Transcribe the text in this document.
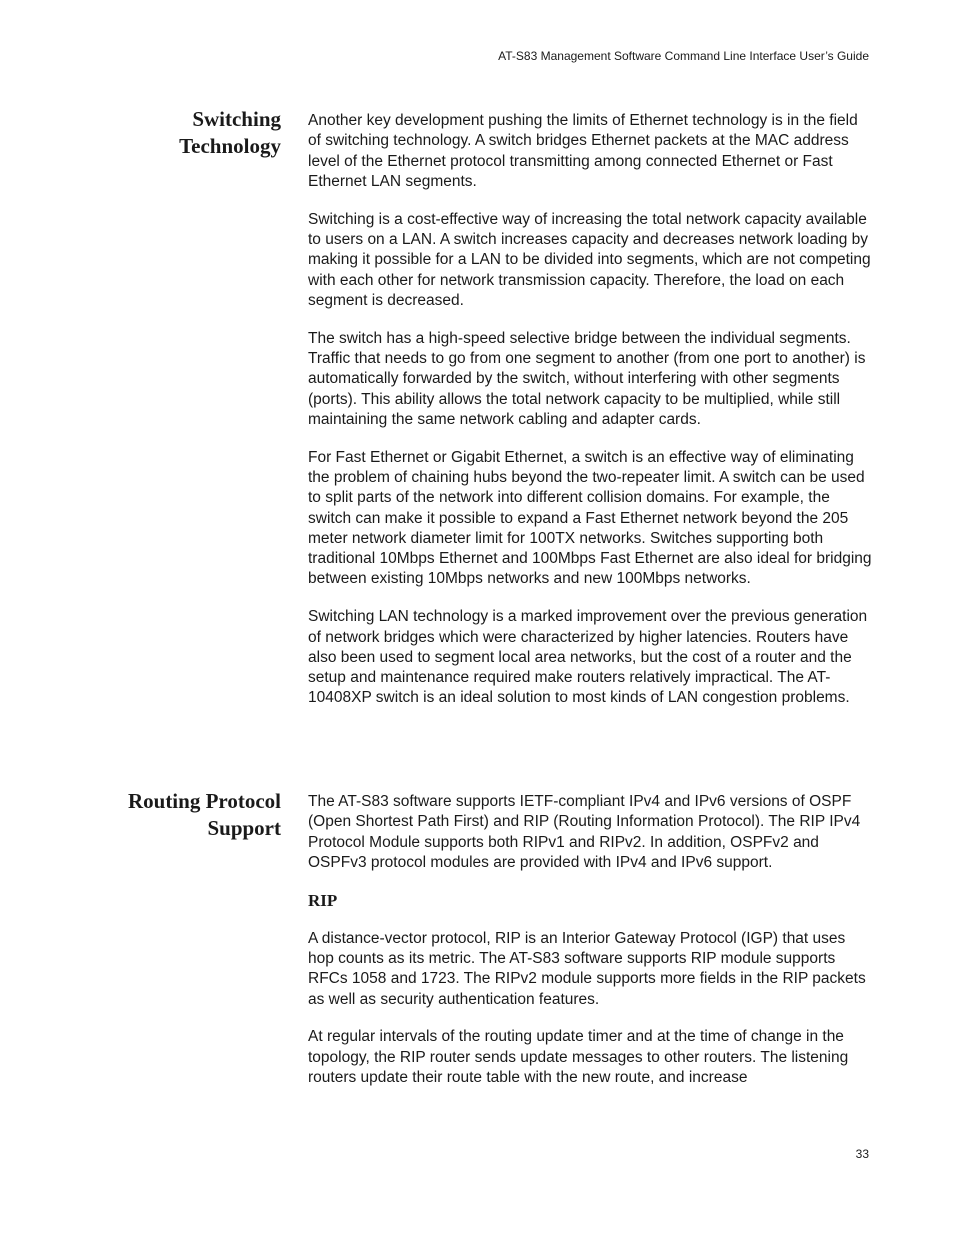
AT-S83 Management Software Command Line Interface User’s Guide
Switching
Technology

Another key development pushing the limits of Ethernet technology is in the field of switching technology. A switch bridges Ethernet packets at the MAC address level of the Ethernet protocol transmitting among connected Ethernet or Fast Ethernet LAN segments.

Switching is a cost-effective way of increasing the total network capacity available to users on a LAN. A switch increases capacity and decreases network loading by making it possible for a LAN to be divided into segments, which are not competing with each other for network transmission capacity. Therefore, the load on each segment is decreased.

The switch has a high-speed selective bridge between the individual segments. Traffic that needs to go from one segment to another (from one port to another) is automatically forwarded by the switch, without interfering with other segments (ports). This ability allows the total network capacity to be multiplied, while still maintaining the same network cabling and adapter cards.

For Fast Ethernet or Gigabit Ethernet, a switch is an effective way of eliminating the problem of chaining hubs beyond the two-repeater limit. A switch can be used to split parts of the network into different collision domains. For example, the switch can make it possible to expand a Fast Ethernet network beyond the 205 meter network diameter limit for 100TX networks. Switches supporting both traditional 10Mbps Ethernet and 100Mbps Fast Ethernet are also ideal for bridging between existing 10Mbps networks and new 100Mbps networks.

Switching LAN technology is a marked improvement over the previous generation of network bridges which were characterized by higher latencies. Routers have also been used to segment local area networks, but the cost of a router and the setup and maintenance required make routers relatively impractical. The AT-10408XP switch is an ideal solution to most kinds of LAN congestion problems.

Routing Protocol
Support

The AT-S83 software supports IETF-compliant IPv4 and IPv6 versions of OSPF (Open Shortest Path First) and RIP (Routing Information Protocol). The RIP IPv4 Protocol Module supports both RIPv1 and RIPv2. In addition, OSPFv2 and OSPFv3 protocol modules are provided with IPv4 and IPv6 support.

RIP

A distance-vector protocol, RIP is an Interior Gateway Protocol (IGP) that uses hop counts as its metric. The AT-S83 software supports RIP module supports RFCs 1058 and 1723. The RIPv2 module supports more fields in the RIP packets as well as security authentication features.

At regular intervals of the routing update timer and at the time of change in the topology, the RIP router sends update messages to other routers. The listening routers update their route table with the new route, and increase

33
